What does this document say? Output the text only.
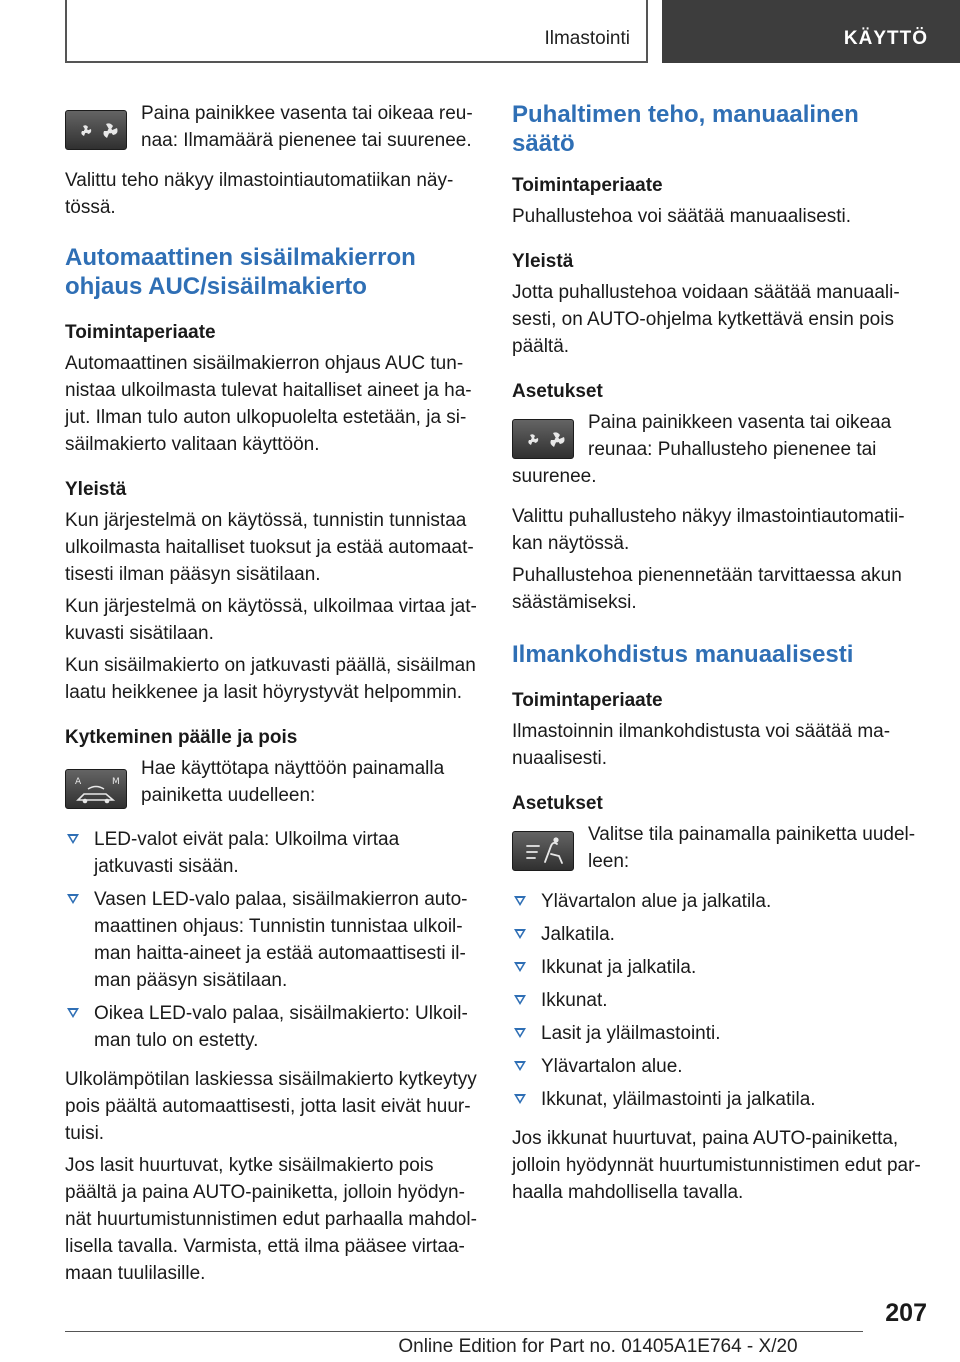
Ilmastointi	KÄYTTÖ

Paina painikkee vasenta tai oikeaa reunaa: Ilmamäärä pienenee tai suurenee.

Valittu teho näkyy ilmastointiautomatiikan näytössä.

Automaattinen sisäilmakierron ohjaus AUC/sisäilmakierto
Toimintaperiaate

Automaattinen sisäilmakierron ohjaus AUC tunnistaa ulkoilmasta tulevat haitalliset aineet ja hajut. Ilman tulo auton ulkopuolelta estetään, ja sisäilmakierto valitaan käyttöön.

Yleistä

Kun järjestelmä on käytössä, tunnistin tunnistaa ulkoilmasta haitalliset tuoksut ja estää automaattisesti ilman pääsyn sisätilaan.

Kun järjestelmä on käytössä, ulkoilmaa virtaa jatkuvasti sisätilaan.

Kun sisäilmakierto on jatkuvasti päällä, sisäilman laatu heikkenee ja lasit höyrystyvät helpommin.

Kytkeminen päälle ja pois

A	M
Hae käyttötapa näyttöön painamalla painiketta uudelleen:

LED-valot eivät pala: Ulkoilma virtaa jatkuvasti sisään.
Vasen LED-valo palaa, sisäilmakierron automaattinen ohjaus: Tunnistin tunnistaa ulkoilman haitta-aineet ja estää automaattisesti ilman pääsyn sisätilaan.
Oikea LED-valo palaa, sisäilmakierto: Ulkoilman tulo on estetty.

Ulkolämpötilan laskiessa sisäilmakierto kytkeytyy pois päältä automaattisesti, jotta lasit eivät huurtuisi.

Jos lasit huurtuvat, kytke sisäilmakierto pois päältä ja paina AUTO-painiketta, jolloin hyödynnät huurtumistunnistimen edut parhaalla mahdollisella tavalla. Varmista, että ilma pääsee virtaamaan tuulilasille.

Puhaltimen teho, manuaalinen säätö
Toimintaperiaate

Puhallustehoa voi säätää manuaalisesti.

Yleistä

Jotta puhallustehoa voidaan säätää manuaalisesti, on AUTO-ohjelma kytkettävä ensin pois päältä.

Asetukset

Paina painikkeen vasenta tai oikeaa reunaa: Puhallusteho pienenee tai suurenee.

Valittu puhallusteho näkyy ilmastointiautomatiikan näytössä.

Puhallustehoa pienennetään tarvittaessa akun säästämiseksi.

Ilmankohdistus manuaalisesti
Toimintaperiaate

Ilmastoinnin ilmankohdistusta voi säätää manuaalisesti.

Asetukset

Valitse tila painamalla painiketta uudelleen:

Ylävartalon alue ja jalkatila.
Jalkatila.
Ikkunat ja jalkatila.
Ikkunat.
Lasit ja yläilmastointi.
Ylävartalon alue.
Ikkunat, yläilmastointi ja jalkatila.

Jos ikkunat huurtuvat, paina AUTO-painiketta, jolloin hyödynnät huurtumistunnistimen edut parhaalla mahdollisella tavalla.

207
Online Edition for Part no. 01405A1E764 - X/20
